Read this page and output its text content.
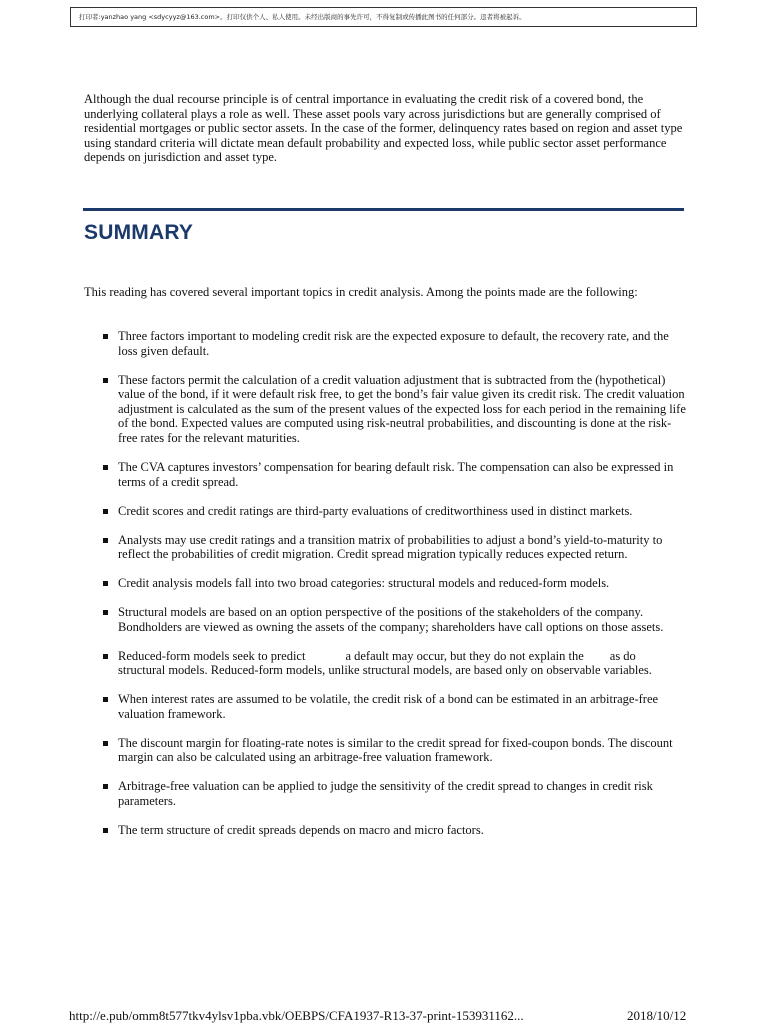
打印者:yanzhao yang <sdycyyz@163.com>。打印仅供个人、私人使用。未经出版商的事先许可，不得复制或传播此图书的任何部分。违者将被起诉。

Although the dual recourse principle is of central importance in evaluating the credit risk of a covered bond, the underlying collateral plays a role as well. These asset pools vary across jurisdictions but are generally comprised of residential mortgages or public sector assets. In the case of the former, delinquency rates based on region and asset type using standard criteria will dictate mean default probability and expected loss, while public sector asset performance depends on jurisdiction and asset type.

SUMMARY

This reading has covered several important topics in credit analysis. Among the points made are the following:

Three factors important to modeling credit risk are the expected exposure to default, the recovery rate, and the loss given default.
These factors permit the calculation of a credit valuation adjustment that is subtracted from the (hypothetical) value of the bond, if it were default risk free, to get the bond’s fair value given its credit risk. The credit valuation adjustment is calculated as the sum of the present values of the expected loss for each period in the remaining life of the bond. Expected values are computed using risk-neutral probabilities, and discounting is done at the risk-free rates for the relevant maturities.
The CVA captures investors’ compensation for bearing default risk. The compensation can also be expressed in terms of a credit spread.
Credit scores and credit ratings are third-party evaluations of creditworthiness used in distinct markets.
Analysts may use credit ratings and a transition matrix of probabilities to adjust a bond’s yield-to-maturity to reflect the probabilities of credit migration. Credit spread migration typically reduces expected return.
Credit analysis models fall into two broad categories: structural models and reduced-form models.
Structural models are based on an option perspective of the positions of the stakeholders of the company. Bondholders are viewed as owning the assets of the company; shareholders have call options on those assets.
Reduced-form models seek to predict	a default may occur, but they do not explain the as do structural models. Reduced-form models, unlike structural models, are based only on observable variables.
When interest rates are assumed to be volatile, the credit risk of a bond can be estimated in an arbitrage-free valuation framework.
The discount margin for floating-rate notes is similar to the credit spread for fixed-coupon bonds. The discount margin can also be calculated using an arbitrage-free valuation framework.
Arbitrage-free valuation can be applied to judge the sensitivity of the credit spread to changes in credit risk parameters.
The term structure of credit spreads depends on macro and micro factors.
http://e.pub/omm8t577tkv4ylsv1pba.vbk/OEBPS/CFA1937-R13-37-print-153931162...	2018/10/12
